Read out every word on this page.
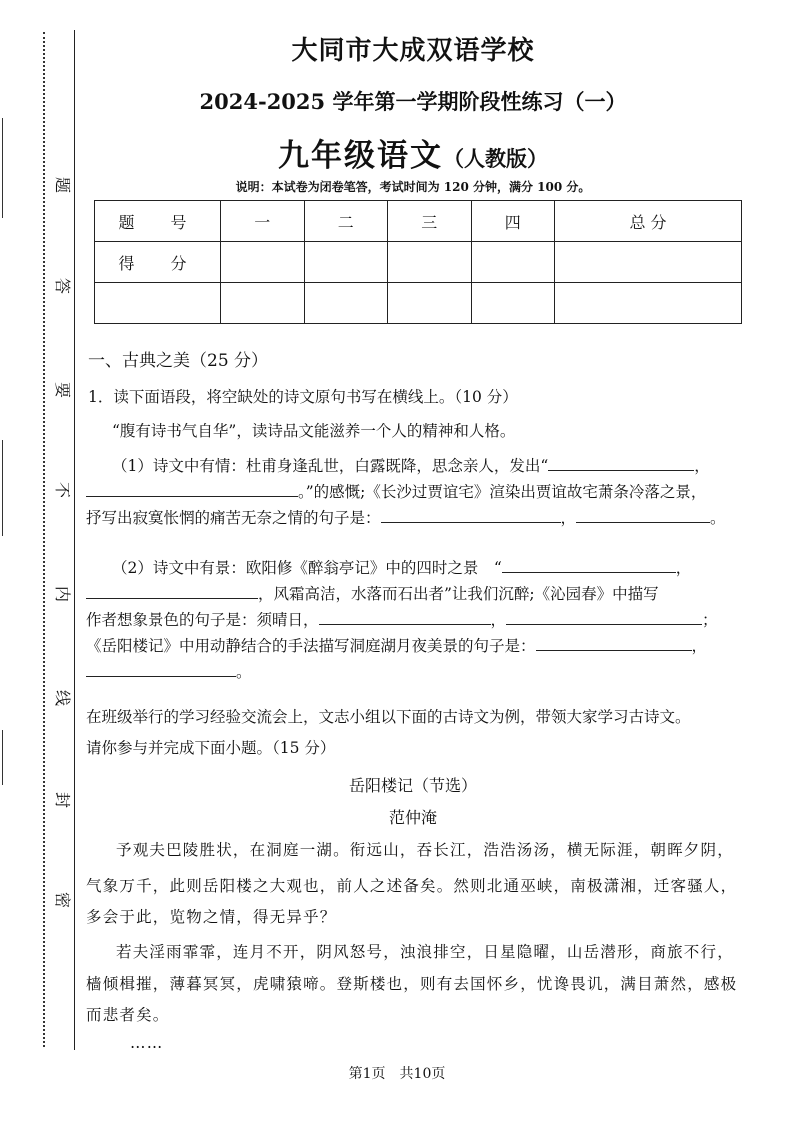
题
答
要
不
内
线
封
密
大同市大成双语学校
2024-2025 学年第一学期阶段性练习（一）
九年级语文（人教版）
说明：本试卷为闭卷笔答，考试时间为 120 分钟，满分 100 分。
题　号	一	二	三	四	总 分
得　分					

一、古典之美（25 分）
1．读下面语段，将空缺处的诗文原句书写在横线上。（10 分）
“腹有诗书气自华”，读诗品文能滋养一个人的精神和人格。
（1）诗文中有情：杜甫身逢乱世，白露既降，思念亲人，发出“	，
。”的感慨;《长沙过贾谊宅》渲染出贾谊故宅萧条冷落之景，
抒写出寂寞怅惘的痛苦无奈之情的句子是：	，	。
（2）诗文中有景：欧阳修《醉翁亭记》中的四时之景　“	，
，风霜高洁，水落而石出者”让我们沉醉;《沁园春》中描写
作者想象景色的句子是：须晴日，	，	；
《岳阳楼记》中用动静结合的手法描写洞庭湖月夜美景的句子是：	，
。
在班级举行的学习经验交流会上，文志小组以下面的古诗文为例，带领大家学习古诗文。
请你参与并完成下面小题。（15 分）
岳阳楼记（节选）
范仲淹
予观夫巴陵胜状，在洞庭一湖。衔远山，吞长江，浩浩汤汤，横无际涯，朝晖夕阴，
气象万千，此则岳阳楼之大观也，前人之述备矣。然则北通巫峡，南极潇湘，迁客骚人，
多会于此，览物之情，得无异乎？
若夫淫雨霏霏，连月不开，阴风怒号，浊浪排空，日星隐曜，山岳潜形，商旅不行，
樯倾楫摧，薄暮冥冥，虎啸猿啼。登斯楼也，则有去国怀乡，忧谗畏讥，满目萧然，感极
而悲者矣。
……
第1页　共10页
